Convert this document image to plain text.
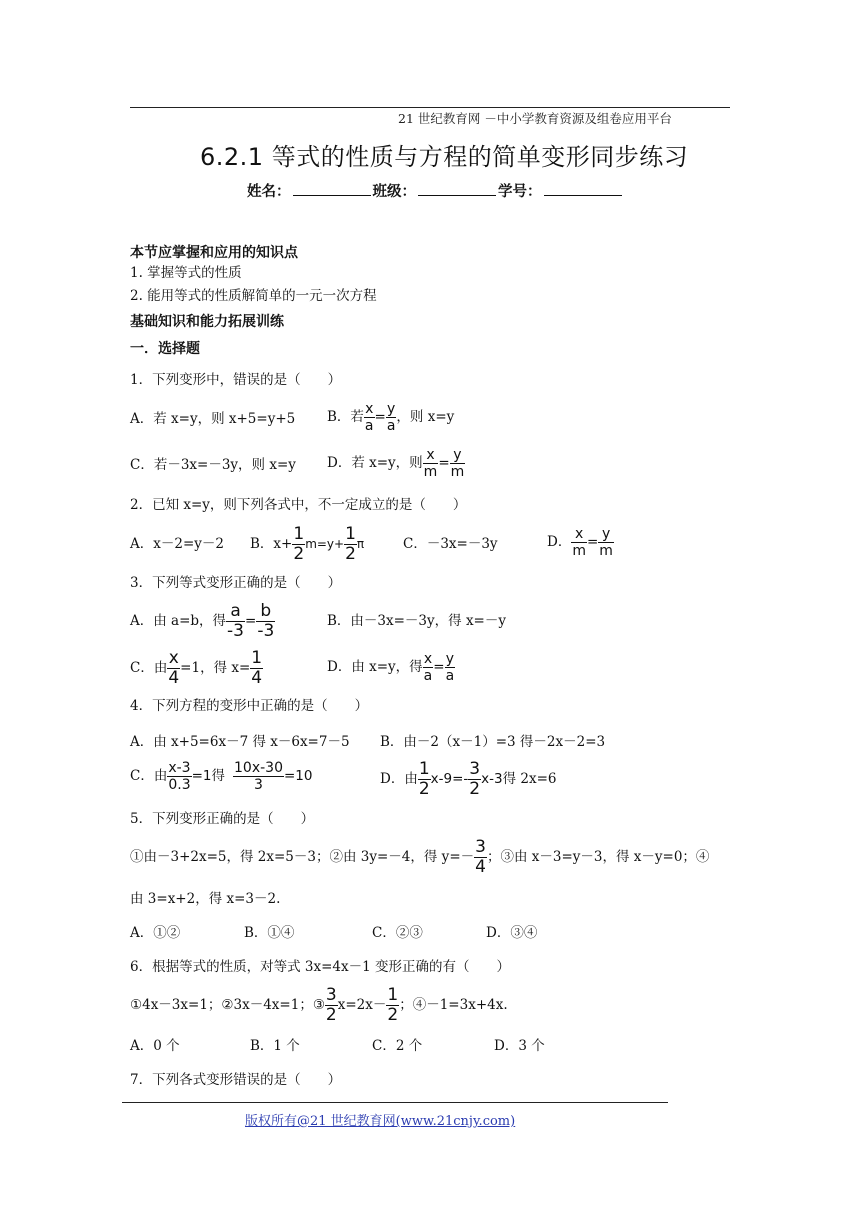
21 世纪教育网 －中小学教育资源及组卷应用平台
6.2.1 等式的性质与方程的简单变形同步练习
姓名：	班级：	学号：
本节应掌握和应用的知识点
1. 掌握等式的性质
2. 能用等式的性质解简单的一元一次方程
基础知识和能力拓展训练
一．选择题
1．下列变形中，错误的是（　　）
A．若 x=y，则 x+5=y+5 B．若 $\frac{x}{a} = \frac{y}{a}$ ，则 x=y
C．若－3x=－3y，则 x=y D．若 x=y，则 $\frac{x}{m} = \frac{y}{m}$
2．已知 x=y，则下列各式中，不一定成立的是（　　）
A．x－2=y－2 B．$x+ \frac{1}{2} m=y+ \frac{1}{2}$ π	C．－3x=－3y	D． $\frac{x}{m} = \frac{y}{m}$
3．下列等式变形正确的是（　　）
A．由 a=b，得 $\frac{a}{-3} = \frac{b}{-3}$	B．由－3x=－3y，得 x=－y
C．由 $\frac{x}{4} =1$，得 $x= \frac{1}{4}$	D．由 x=y，得 $\frac{x}{a} = \frac{y}{a}$
4．下列方程的变形中正确的是（　　）
A．由 x+5=6x－7 得 x－6x=7－5 B．由－2（x－1）=3 得－2x－2=3
C．由 $\frac{x-3}{0.3} =1$得 $\frac{10x-30}{3} =10$	D．由 $\frac{1}{2} x-9=- \frac{3}{2} x-3$得 2x=6
5．下列变形正确的是（　　）
①由－3+2x=5，得 2x=5－3；②由 3y=－4，得 $y=- \frac{3}{4}$ ；③由 x－3=y－3，得 x－y=0；④
由 3=x+2，得 x=3－2.
A．①②	B．①④	C．②③	D．③④
6．根据等式的性质，对等式 3x=4x－1 变形正确的有（　　）
①4x－3x=1；②3x－4x=1；③ $\frac{3}{2} x=2x- \frac{1}{2}$ ；④－1=3x+4x.
A．0 个	B．1 个	C．2 个	D．3 个
7．下列各式变形错误的是（　　）
版权所有@21 世纪教育网(www.21cnjy.com)
